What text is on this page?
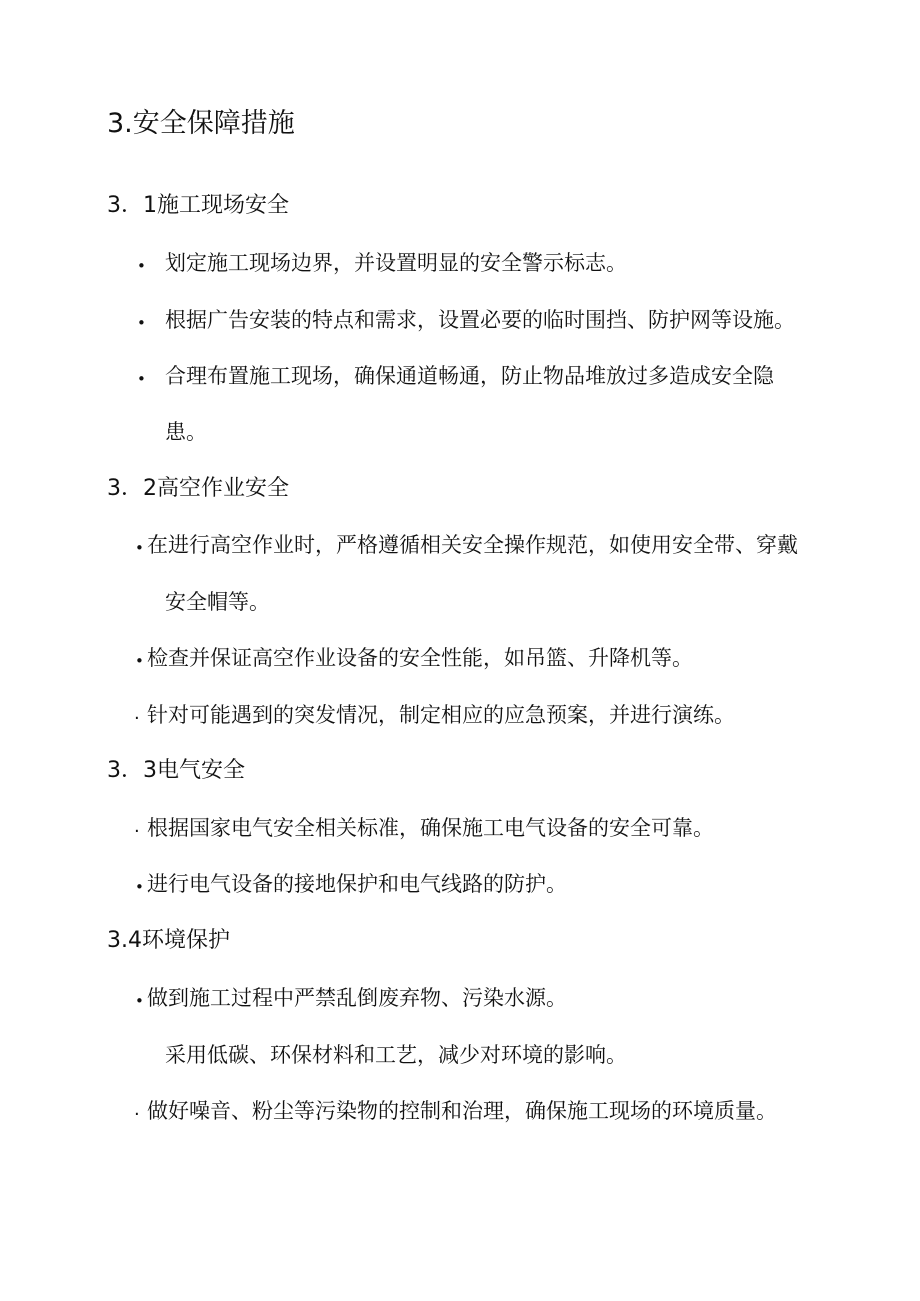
3.安全保障措施
3．1施工现场安全
• 划定施工现场边界，并设置明显的安全警示标志。
• 根据广告安装的特点和需求，设置必要的临时围挡、防护网等设施。
• 合理布置施工现场，确保通道畅通，防止物品堆放过多造成安全隐
患。
3．2高空作业安全
• 在进行高空作业时，严格遵循相关安全操作规范，如使用安全带、穿戴
安全帽等。
• 检查并保证高空作业设备的安全性能，如吊篮、升降机等。
. 针对可能遇到的突发情况，制定相应的应急预案，并进行演练。
3．3电气安全
. 根据国家电气安全相关标准，确保施工电气设备的安全可靠。
• 进行电气设备的接地保护和电气线路的防护。
3.4环境保护
• 做到施工过程中严禁乱倒废弃物、污染水源。
采用低碳、环保材料和工艺，减少对环境的影响。
. 做好噪音、粉尘等污染物的控制和治理，确保施工现场的环境质量。
